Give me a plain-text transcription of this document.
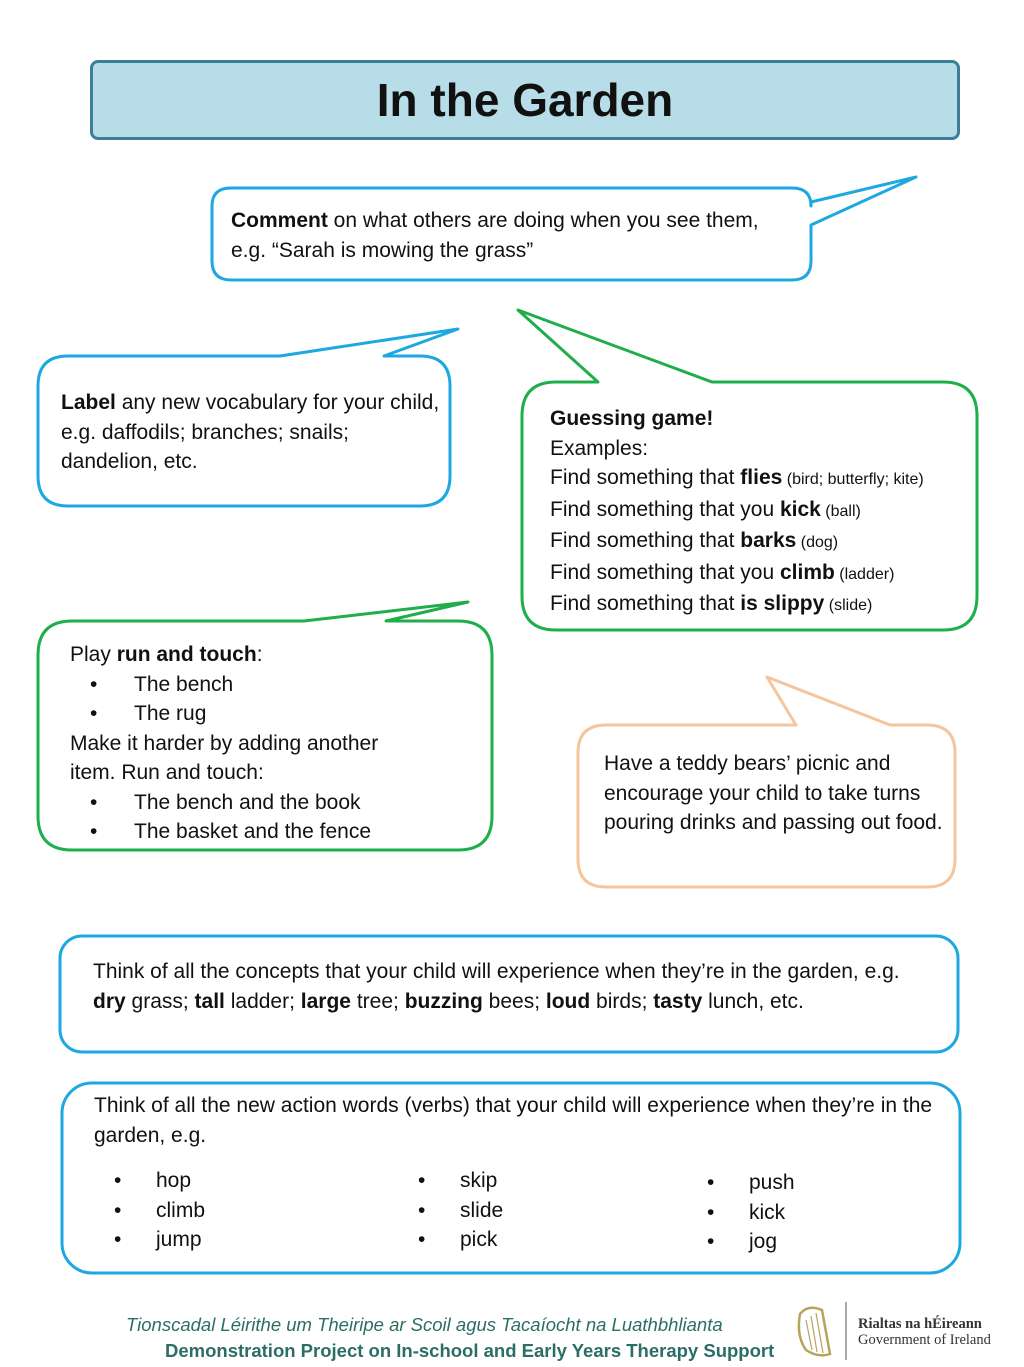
In the Garden
Comment on what others are doing when you see them, e.g. “Sarah is mowing the grass”
Label any new vocabulary for your child, e.g. daffodils; branches; snails; dandelion, etc.
Guessing game!
Examples:
Find something that flies (bird; butterfly; kite)
Find something that you kick (ball)
Find something that barks (dog)
Find something that you climb (ladder)
Find something that is slippy (slide)
Play run and touch:
• The bench
• The rug
Make it harder by adding another item. Run and touch:
• The bench and the book
• The basket and the fence
Have a teddy bears’ picnic and encourage your child to take turns pouring drinks and passing out food.
Think of all the concepts that your child will experience when they’re in the garden, e.g. dry grass; tall ladder; large tree; buzzing bees; loud birds; tasty lunch, etc.
Think of all the new action words (verbs) that your child will experience when they’re in the garden, e.g.
• hop
• climb
• jump
• skip
• slide
• pick
• push
• kick
• jog
Tionscadal Léirithe um Theiripe ar Scoil agus Tacaíocht na Luathbhlianta
Demonstration Project on In-school and Early Years Therapy Support
Rialtas na hÉireann
Government of Ireland
